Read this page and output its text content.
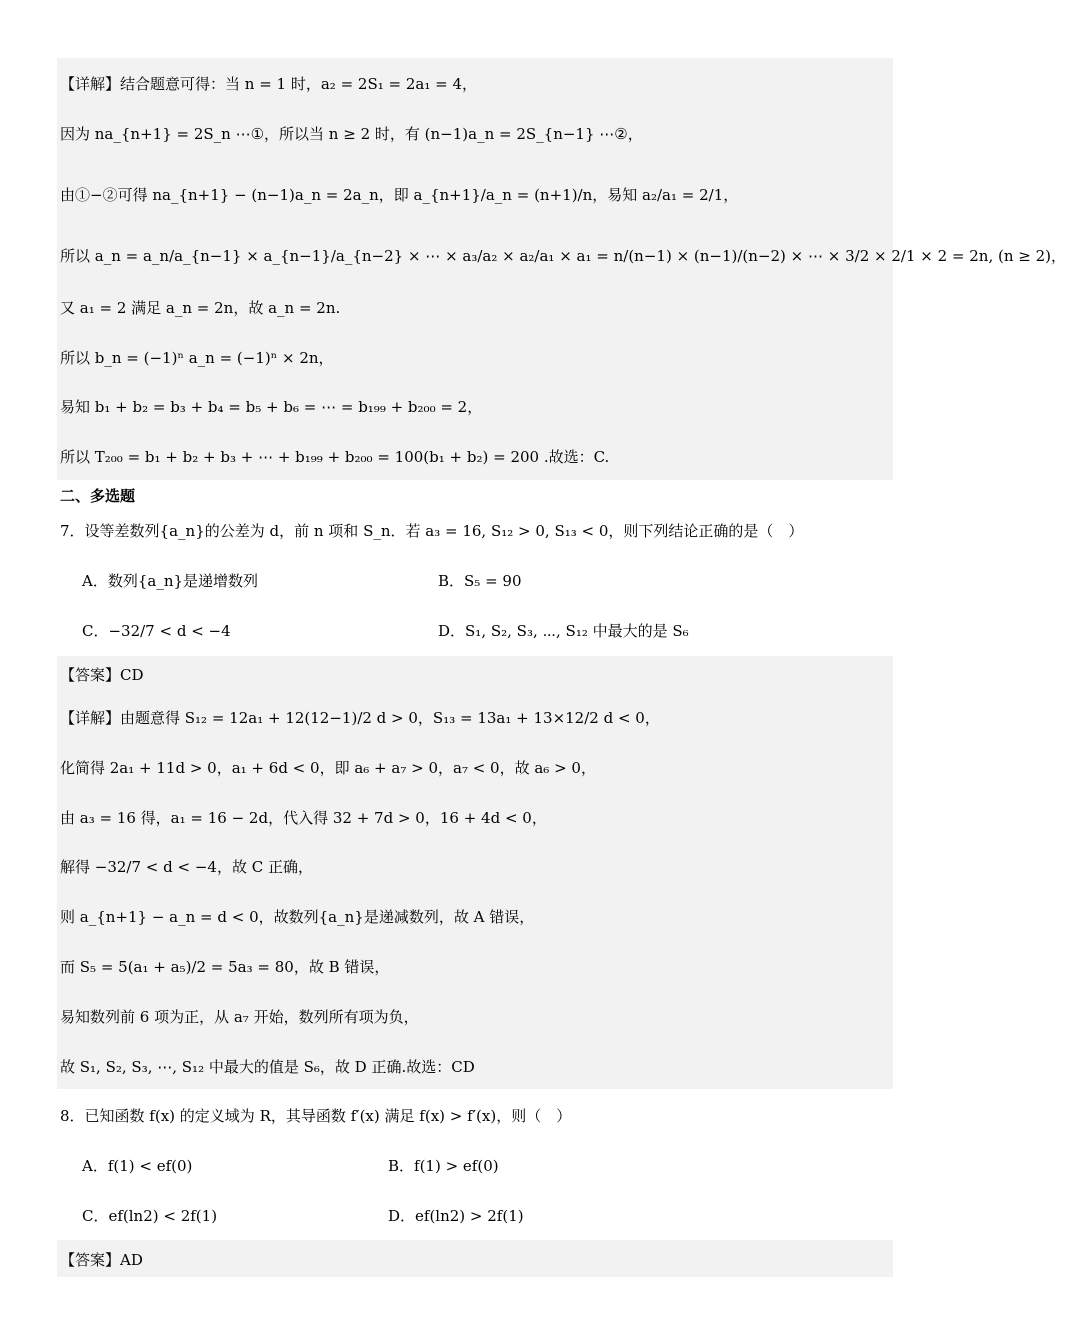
【详解】结合题意可得：当 n = 1 时，a₂ = 2S₁ = 2a₁ = 4，
因为 na_{n+1} = 2S_n ⋯①，所以当 n ≥ 2 时，有 (n−1)a_n = 2S_{n−1} ⋯②，
由①−②可得 na_{n+1} − (n−1)a_n = 2a_n，即 a_{n+1}/a_n = (n+1)/n，易知 a₂/a₁ = 2/1，
所以 a_n = a_n/a_{n−1} × a_{n−1}/a_{n−2} × ⋯ × a₃/a₂ × a₂/a₁ × a₁ = n/(n−1) × (n−1)/(n−2) × ⋯ × 3/2 × 2/1 × 2 = 2n, (n ≥ 2)，
又 a₁ = 2 满足 a_n = 2n，故 a_n = 2n.
所以 b_n = (−1)ⁿ a_n = (−1)ⁿ × 2n，
易知 b₁ + b₂ = b₃ + b₄ = b₅ + b₆ = ⋯ = b₁₉₉ + b₂₀₀ = 2，
所以 T₂₀₀ = b₁ + b₂ + b₃ + ⋯ + b₁₉₉ + b₂₀₀ = 100(b₁ + b₂) = 200 .故选：C.
二、多选题
7．设等差数列{a_n}的公差为 d，前 n 项和 S_n．若 a₃ = 16, S₁₂ > 0, S₁₃ < 0，则下列结论正确的是（　）
A．数列{a_n}是递增数列	B．S₅ = 90
C．−32/7 < d < −4	D．S₁, S₂, S₃, ⋯, S₁₂ 中最大的是 S₆
【答案】CD
【详解】由题意得 S₁₂ = 12a₁ + 12(12−1)/2 d > 0，S₁₃ = 13a₁ + 13×12/2 d < 0，
化简得 2a₁ + 11d > 0，a₁ + 6d < 0，即 a₆ + a₇ > 0，a₇ < 0，故 a₆ > 0，
由 a₃ = 16 得，a₁ = 16 − 2d，代入得 32 + 7d > 0，16 + 4d < 0，
解得 −32/7 < d < −4，故 C 正确，
则 a_{n+1} − a_n = d < 0，故数列{a_n}是递减数列，故 A 错误，
而 S₅ = 5(a₁ + a₅)/2 = 5a₃ = 80，故 B 错误，
易知数列前 6 项为正，从 a₇ 开始，数列所有项为负，
故 S₁, S₂, S₃, ⋯, S₁₂ 中最大的值是 S₆，故 D 正确.故选：CD
8．已知函数 f(x) 的定义域为 R，其导函数 f′(x) 满足 f(x) > f′(x)，则（　）
A．f(1) < ef(0)	B．f(1) > ef(0)
C．ef(ln2) < 2f(1)	D．ef(ln2) > 2f(1)
【答案】AD
